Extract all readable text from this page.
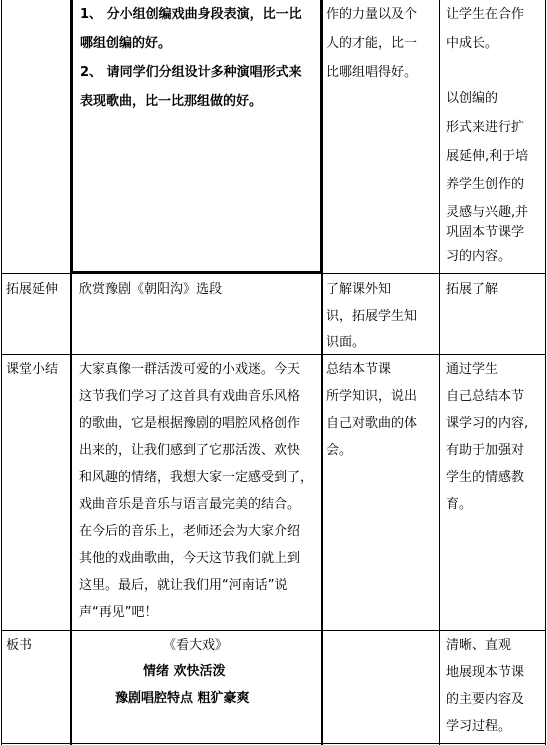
1、 分小组创编戏曲身段表演，比一比
哪组创编的好。
2、 请同学们分组设计多种演唱形式来
表现歌曲，比一比那组做的好。
作的力量以及个
人的才能，比一
比哪组唱得好。
让学生在合作
中成长。
以创编的
形式来进行扩
展延伸,利于培
养学生创作的
灵感与兴趣,并
巩固本节课学
习的内容。
拓展延伸 欣赏豫剧《朝阳沟》选段	了解课外知
识，拓展学生知
识面。
拓展了解
课堂小结 大家真像一群活泼可爱的小戏迷。今天
这节我们学习了这首具有戏曲音乐风格
的歌曲，它是根据豫剧的唱腔风格创作
出来的，让我们感到了它那活泼、欢快
和风趣的情绪，我想大家一定感受到了，
戏曲音乐是音乐与语言最完美的结合。
在今后的音乐上，老师还会为大家介绍
其他的戏曲歌曲，今天这节我们就上到
这里。最后，就让我们用“河南话”说
声“再见”吧！
总结本节课
所学知识，说出
自己对歌曲的体
会。
通过学生
自己总结本节
课学习的内容,
有助于加强对
学生的情感教
育。
板书	《看大戏》
情绪 欢快活泼
豫剧唱腔特点 粗犷豪爽
清晰、直观
地展现本节课
的主要内容及
学习过程。
